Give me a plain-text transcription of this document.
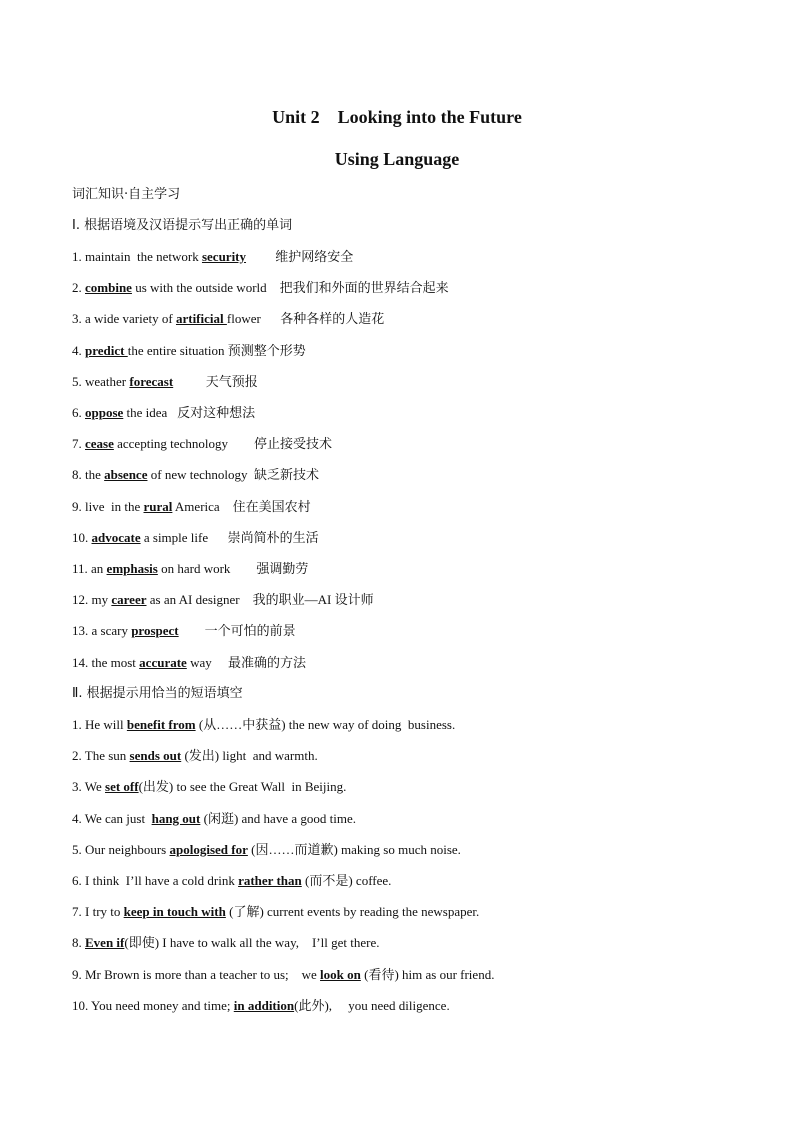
Unit 2    Looking into the Future
Using Language
词汇知识·自主学习
Ⅰ. 根据语境及汉语提示写出正确的单词
1. maintain  the network security         维护网络安全
2. combine us with the outside world    把我们和外面的世界结合起来
3. a wide variety of artificial flower      各种各样的人造花
4. predict the entire situation 预测整个形势
5. weather forecast          天气预报
6. oppose the idea   反对这种想法
7. cease accepting technology        停止接受技术
8. the absence of new technology  缺乏新技术
9. live  in the rural America    住在美国农村
10. advocate a simple life      崇尚简朴的生活
11. an emphasis on hard work        强调勤劳
12. my career as an AI designer    我的职业—AI 设计师
13. a scary prospect        一个可怕的前景
14. the most accurate way     最准确的方法
Ⅱ. 根据提示用恰当的短语填空
1. He will benefit from (从……中获益) the new way of doing  business.
2. The sun sends out (发出) light  and warmth.
3. We set off(出发) to see the Great Wall  in Beijing.
4. We can just  hang out (闲逛) and have a good time.
5. Our neighbours apologised for (因……而道歉) making so much noise.
6. I think  I’ll have a cold drink rather than (而不是) coffee.
7. I try to keep in touch with (了解) current events by reading the newspaper.
8. Even if(即使) I have to walk all the way,    I’ll get there.
9. Mr Brown is more than a teacher to us;    we look on (看待) him as our friend.
10. You need money and time; in addition(此外),     you need diligence.
